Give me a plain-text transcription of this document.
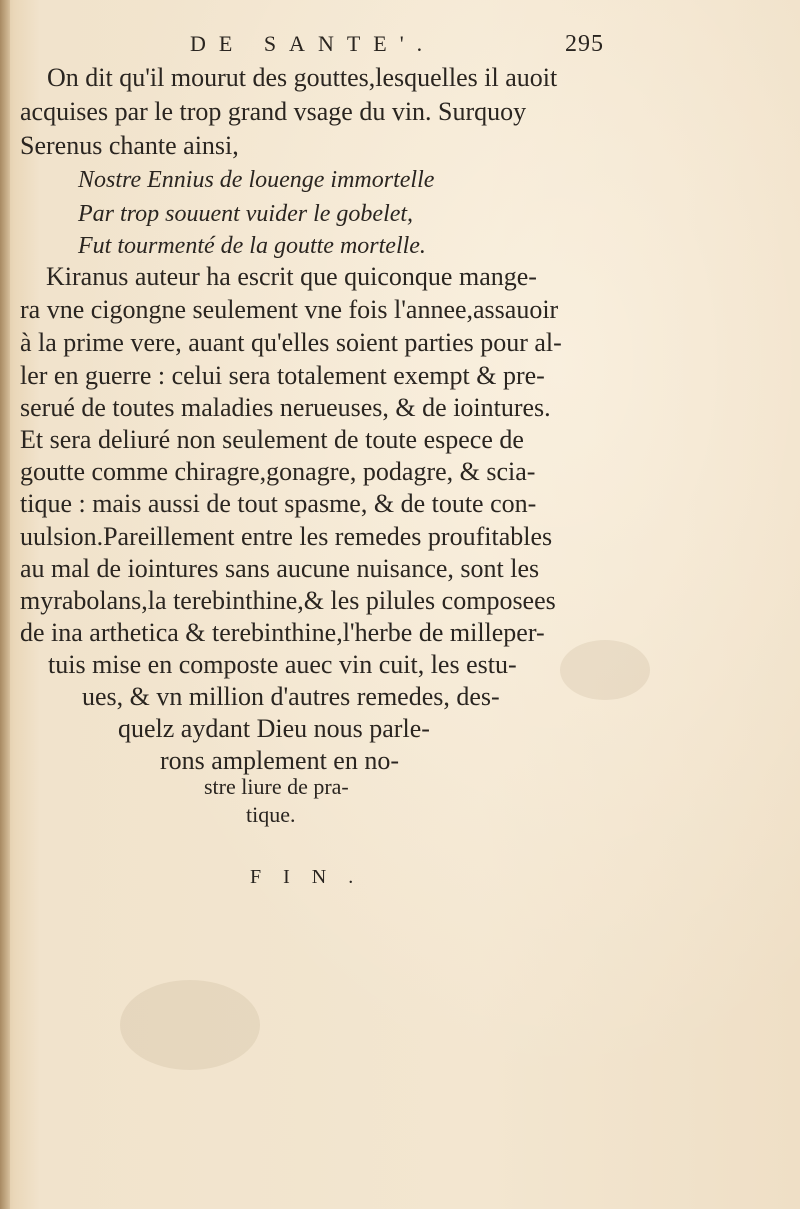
DE SANTE'.	295
On dit qu'il mourut des gouttes,lesquelles il auoit
acquises par le trop grand vsage du vin. Surquoy
Serenus chante ainsi,
Nostre Ennius de louenge immortelle
Par trop souuent vuider le gobelet,
Fut tourmenté de la goutte mortelle.
Kiranus auteur ha escrit que quiconque mange-
ra vne cigongne seulement vne fois l'annee,assauoir
à la prime vere, auant qu'elles soient parties pour al-
ler en guerre : celui sera totalement exempt & pre-
serué de toutes maladies nerueuses, & de iointures.
Et sera deliuré non seulement de toute espece de
goutte comme chiragre,gonagre, podagre, & scia-
tique : mais aussi de tout spasme, & de toute con-
uulsion.Pareillement entre les remedes proufitables
au mal de iointures sans aucune nuisance, sont les
myrabolans,la terebinthine,& les pilules composees
de ina arthetica & terebinthine,l'herbe de milleper-
tuis mise en composte auec vin cuit, les estu-
ues, & vn million d'autres remedes, des-
quelz aydant Dieu nous parle-
rons amplement en no-
stre liure de pra-
tique.
FIN.
